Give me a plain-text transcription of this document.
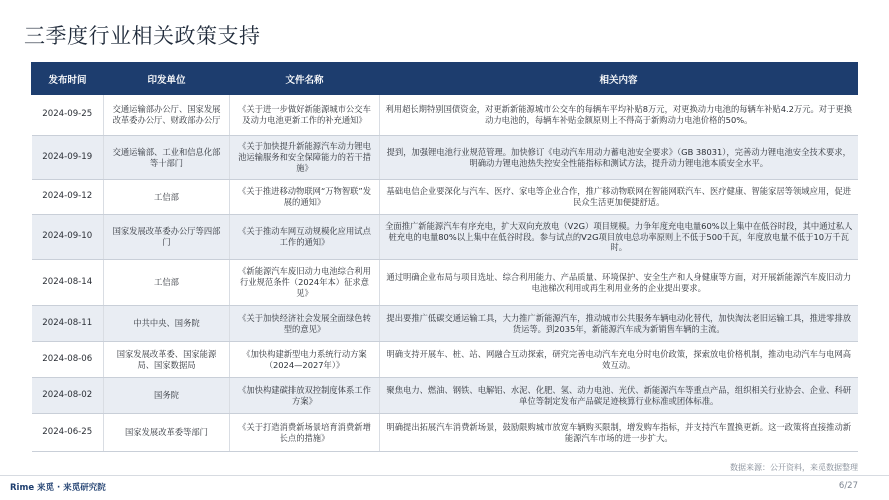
三季度行业相关政策支持
发布时间	印发单位	文件名称	相关内容
2024-09-25	交通运输部办公厅、国家发展改革委办公厅、财政部办公厅	《关于进一步做好新能源城市公交车及动力电池更新工作的补充通知》	利用超长期特别国债资金，对更新新能源城市公交车的每辆车平均补贴8万元，对更换动力电池的每辆车补贴4.2万元。对于更换动力电池的，每辆车补贴金额原则上不得高于新购动力电池价格的50%。
2024-09-19	交通运输部、工业和信息化部等十部门	《关于加快提升新能源汽车动力锂电池运输服务和安全保障能力的若干措施》	提到，加强锂电池行业规范管理。加快修订《电动汽车用动力蓄电池安全要求》（GB 38031），完善动力锂电池安全技术要求，明确动力锂电池热失控安全性能指标和测试方法，提升动力锂电池本质安全水平。
2024-09-12	工信部	《关于推进移动物联网“万物智联”发展的通知》	基础电信企业要深化与汽车、医疗、家电等企业合作，推广移动物联网在智能网联汽车、医疗健康、智能家居等领域应用，促进民众生活更加便捷舒适。
2024-09-10	国家发展改革委办公厅等四部门	《关于推动车网互动规模化应用试点工作的通知》	全面推广新能源汽车有序充电，扩大双向充放电（V2G）项目规模。力争年度充电电量60%以上集中在低谷时段，其中通过私人桩充电的电量80%以上集中在低谷时段。参与试点的V2G项目放电总功率原则上不低于500千瓦，年度放电量不低于10万千瓦时。
2024-08-14	工信部	《新能源汽车废旧动力电池综合利用行业规范条件（2024年本）征求意见》	通过明确企业布局与项目选址、综合利用能力、产品质量、环境保护、安全生产和人身健康等方面，对开展新能源汽车废旧动力电池梯次利用或再生利用业务的企业提出要求。
2024-08-11	中共中央、国务院	《关于加快经济社会发展全面绿色转型的意见》	提出要推广低碳交通运输工具，大力推广新能源汽车，推动城市公共服务车辆电动化替代，加快淘汰老旧运输工具，推进零排放货运等。到2035年，新能源汽车成为新销售车辆的主流。
2024-08-06	国家发展改革委、国家能源局、国家数据局	《加快构建新型电力系统行动方案（2024—2027年）》	明确支持开展车、桩、站、网融合互动探索，研究完善电动汽车充电分时电价政策，探索放电价格机制，推动电动汽车与电网高效互动。
2024-08-02	国务院	《加快构建碳排放双控制度体系工作方案》	聚焦电力、燃油、钢铁、电解铝、水泥、化肥、氢、动力电池、光伏、新能源汽车等重点产品，组织相关行业协会、企业、科研单位等制定发布产品碳足迹核算行业标准或团体标准。
2024-06-25	国家发展改革委等部门	《关于打造消费新场景培育消费新增长点的措施》	明确提出拓展汽车消费新场景，鼓励限购城市放宽车辆购买限制，增发购车指标，并支持汽车置换更新。这一政策将直接推动新能源汽车市场的进一步扩大。
数据来源：公开资料，来觅数据整理
Rime 来觅 · 来觅研究院	6/27
